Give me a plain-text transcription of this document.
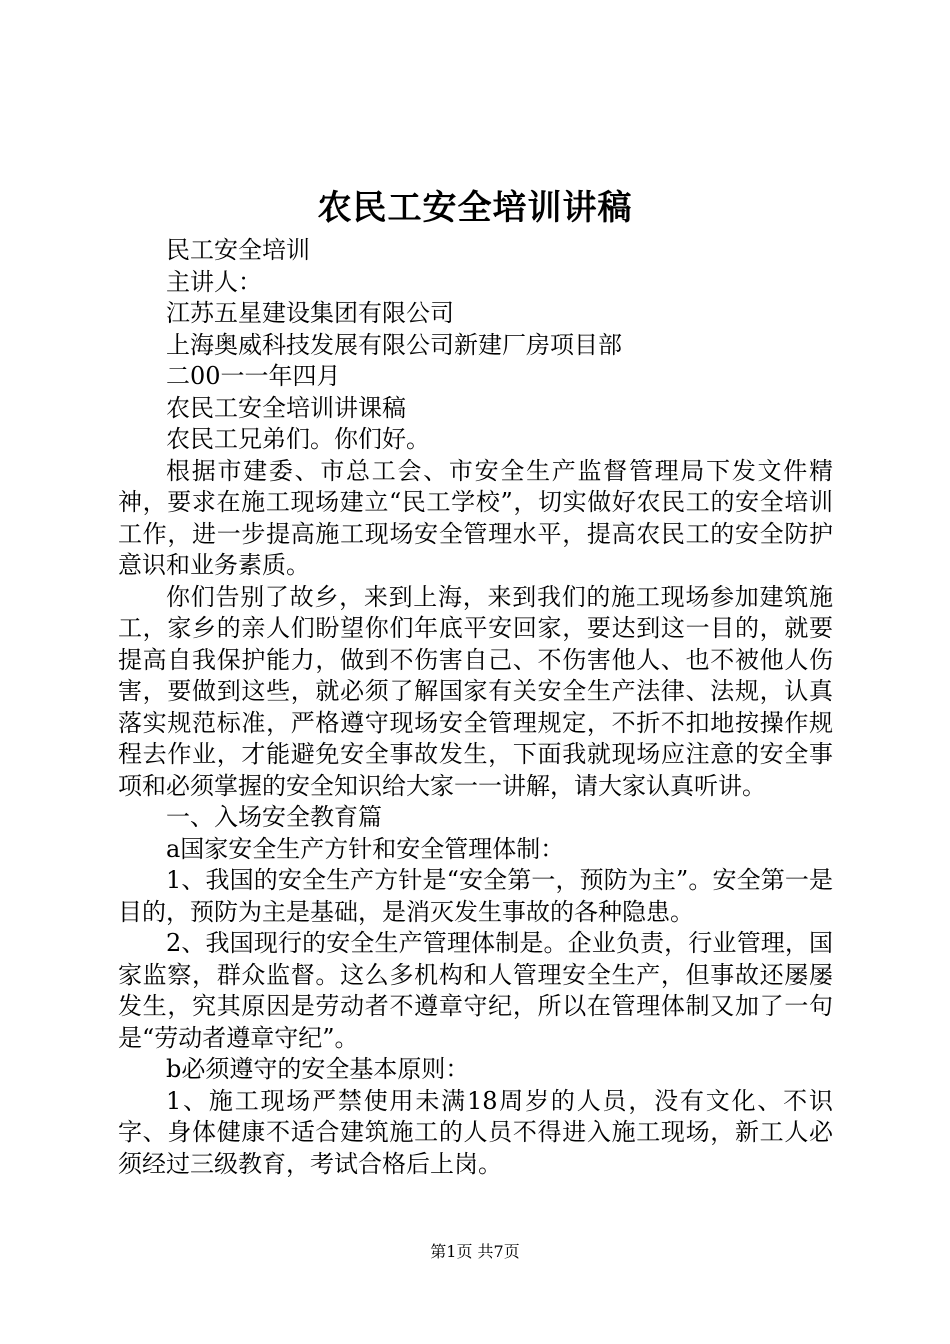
农民工安全培训讲稿

民工安全培训

主讲人：

江苏五星建设集团有限公司

上海奥威科技发展有限公司新建厂房项目部

二00一一年四月

农民工安全培训讲课稿

农民工兄弟们。你们好。

根据市建委、市总工会、市安全生产监督管理局下发文件精神，要求在施工现场建立“民工学校”，切实做好农民工的安全培训工作，进一步提高施工现场安全管理水平，提高农民工的安全防护意识和业务素质。

你们告别了故乡，来到上海，来到我们的施工现场参加建筑施工，家乡的亲人们盼望你们年底平安回家，要达到这一目的，就要提高自我保护能力，做到不伤害自己、不伤害他人、也不被他人伤害，要做到这些，就必须了解国家有关安全生产法律、法规，认真落实规范标准，严格遵守现场安全管理规定，不折不扣地按操作规程去作业，才能避免安全事故发生，下面我就现场应注意的安全事项和必须掌握的安全知识给大家一一讲解，请大家认真听讲。

一、入场安全教育篇

a国家安全生产方针和安全管理体制：

1、我国的安全生产方针是“安全第一，预防为主”。安全第一是目的，预防为主是基础，是消灭发生事故的各种隐患。

2、我国现行的安全生产管理体制是。企业负责，行业管理，国家监察，群众监督。这么多机构和人管理安全生产，但事故还屡屡发生，究其原因是劳动者不遵章守纪，所以在管理体制又加了一句是“劳动者遵章守纪”。

b必须遵守的安全基本原则：

1、施工现场严禁使用未满18周岁的人员，没有文化、不识字、身体健康不适合建筑施工的人员不得进入施工现场，新工人必须经过三级教育，考试合格后上岗。

第1页 共7页
